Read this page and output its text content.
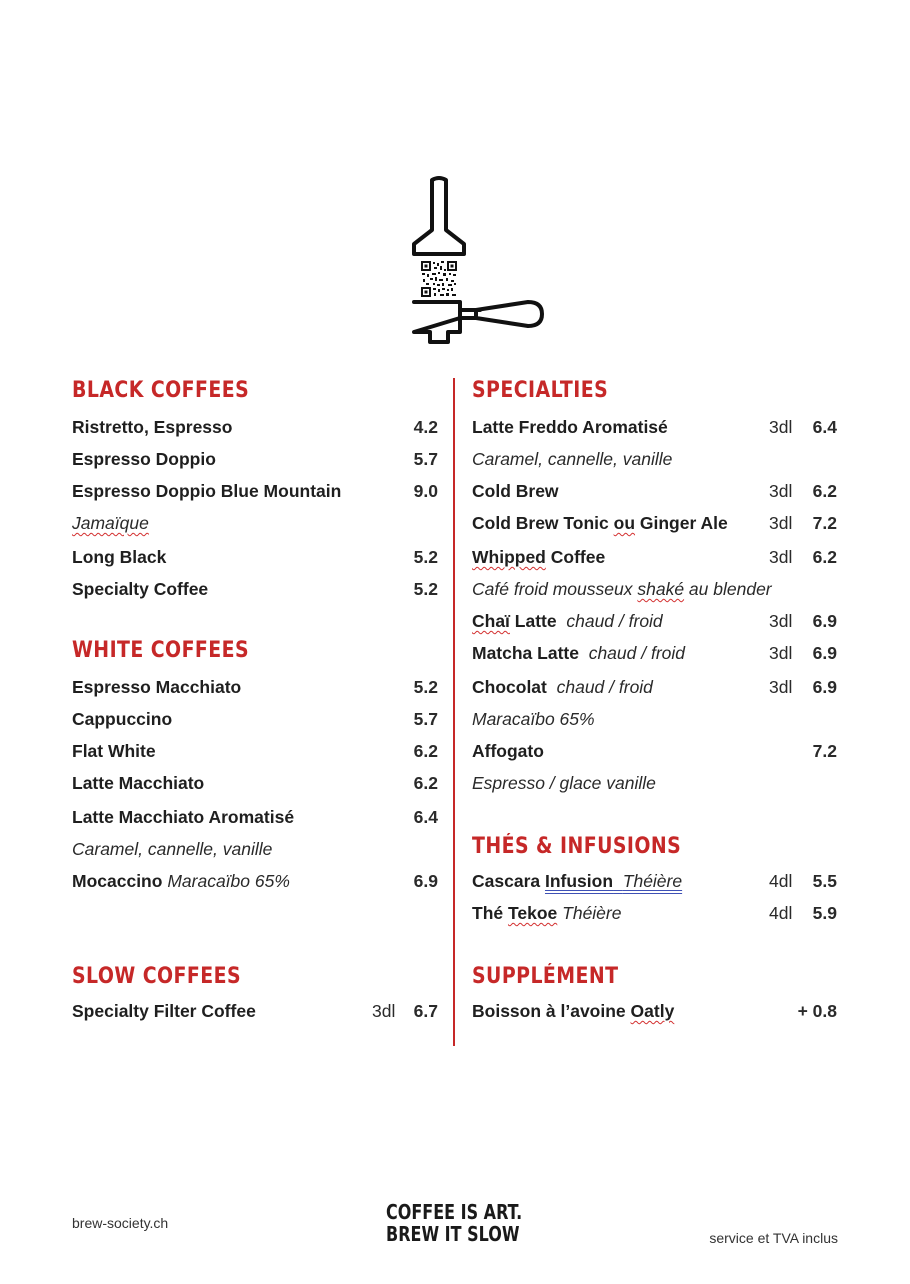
BLACK COFFEES
Ristretto, Espresso	4.2
Espresso Doppio	5.7
Espresso Doppio Blue Mountain	9.0
Jamaïque
Long Black	5.2
Specialty Coffee	5.2
WHITE COFFEES
Espresso Macchiato	5.2
Cappuccino	5.7
Flat White	6.2
Latte Macchiato	6.2
Latte Macchiato Aromatisé	6.4
Caramel, cannelle, vanille
Mocaccino Maracaïbo 65%	6.9
SLOW COFFEES
Specialty Filter Coffee	3dl 6.7
SPECIALTIES
Latte Freddo Aromatisé	3dl 6.4
Caramel, cannelle, vanille
Cold Brew	3dl 6.2
Cold Brew Tonic ou Ginger Ale 3dl 7.2
Whipped Coffee	3dl 6.2
Café froid mousseux shaké au blender
Chaï Latte chaud / froid	3dl 6.9
Matcha Latte chaud / froid	3dl 6.9
Chocolat chaud / froid	3dl 6.9
Maracaïbo 65%
Affogato	7.2
Espresso / glace vanille
THÉS & INFUSIONS
Cascara Infusion Théière	4dl 5.5
Thé Tekoe Théière	4dl 5.9
SUPPLÉMENT
Boisson à l’avoine Oatly	+ 0.8
brew-society.ch	COFFEE IS ART.
BREW IT SLOW	service et TVA inclus
